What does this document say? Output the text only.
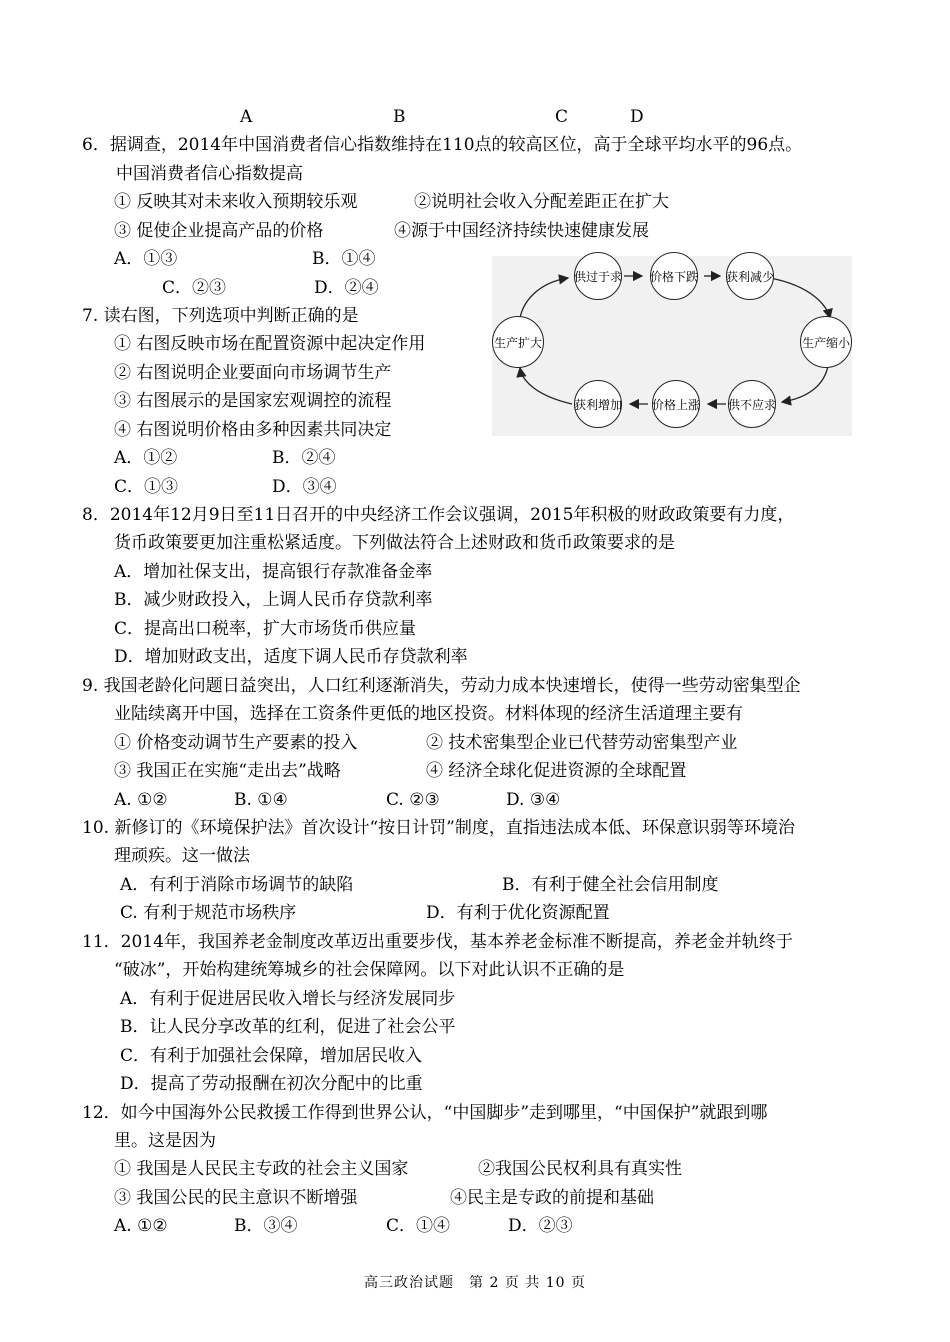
A	B	C	D
6．据调查，2014年中国消费者信心指数维持在110点的较高区位，高于全球平均水平的96点。
中国消费者信心指数提高
① 反映其对未来收入预期较乐观	②说明社会收入分配差距正在扩大
③ 促使企业提高产品的价格	④源于中国经济持续快速健康发展
A．①③	B．①④
C．②③	D．②④
7. 读右图，下列选项中判断正确的是
① 右图反映市场在配置资源中起决定作用
② 右图说明企业要面向市场调节生产
③ 右图展示的是国家宏观调控的流程
④ 右图说明价格由多种因素共同决定
A．①②	B．②④
C．①③	D．③④
供过于求 价格下跌 获利减少
生产缩小
供不应求
价格上涨
获利增加
生产扩大
8．2014年12月9日至11日召开的中央经济工作会议强调，2015年积极的财政政策要有力度，
货币政策要更加注重松紧适度。下列做法符合上述财政和货币政策要求的是
A．增加社保支出，提高银行存款准备金率
B．减少财政投入，上调人民币存贷款利率
C．提高出口税率，扩大市场货币供应量
D．增加财政支出，适度下调人民币存贷款利率
9. 我国老龄化问题日益突出，人口红利逐渐消失，劳动力成本快速增长，使得一些劳动密集型企
业陆续离开中国，选择在工资条件更低的地区投资。材料体现的经济生活道理主要有
① 价格变动调节生产要素的投入	② 技术密集型企业已代替劳动密集型产业
③ 我国正在实施“走出去”战略	④ 经济全球化促进资源的全球配置
A. ①②	B. ①④	C. ②③	D. ③④
10. 新修订的《环境保护法》首次设计“按日计罚”制度，直指违法成本低、环保意识弱等环境治
理顽疾。这一做法
A．有利于消除市场调节的缺陷	B．有利于健全社会信用制度
C. 有利于规范市场秩序	D．有利于优化资源配置
11．2014年，我国养老金制度改革迈出重要步伐，基本养老金标准不断提高，养老金并轨终于
“破冰”，开始构建统筹城乡的社会保障网。以下对此认识不正确的是
A．有利于促进居民收入增长与经济发展同步
B．让人民分享改革的红利，促进了社会公平
C．有利于加强社会保障，增加居民收入
D．提高了劳动报酬在初次分配中的比重
12．如今中国海外公民救援工作得到世界公认，“中国脚步”走到哪里，“中国保护”就跟到哪
里。这是因为
① 我国是人民民主专政的社会主义国家	②我国公民权利具有真实性
③ 我国公民的民主意识不断增强	④民主是专政的前提和基础
A. ①②	B．③④	C．①④	D．②③
高三政治试题　第 2 页 共 10 页
